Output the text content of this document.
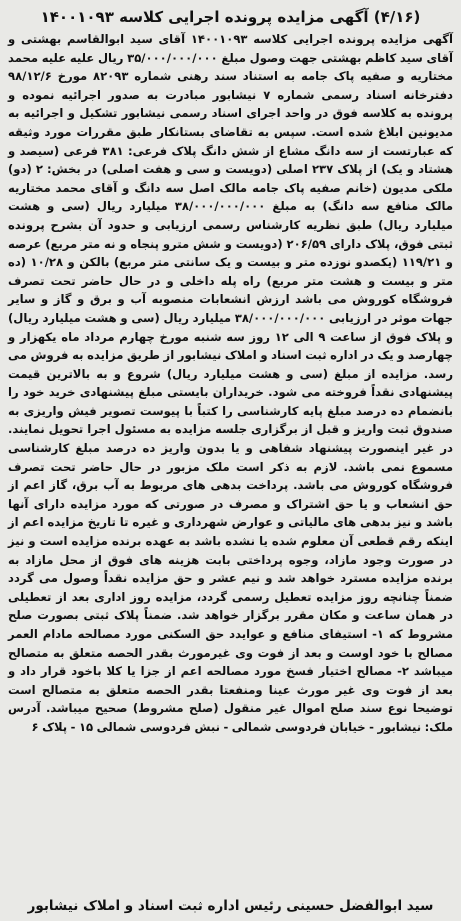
(۴/۱۶) آگهی مزایده پرونده اجرایی کلاسه ۱۴۰۰۱۰۹۳

آگهی مزایده پرونده اجرایی کلاسه ۱۴۰۰۱۰۹۳ آقای سید ابوالقاسم بهشتی و آقای سید کاظم بهشتی جهت وصول مبلغ ۳۵/۰۰۰/۰۰۰/۰۰۰ ریال علیه علیه محمد مختاریه و صفیه پاک جامه به استناد سند رهنی شماره ۸۲۰۹۳ مورخ ۹۸/۱۲/۶ دفترخانه اسناد رسمی شماره ۷ نیشابور مبادرت به صدور اجرائیه نموده و پرونده به کلاسه فوق در واحد اجرای اسناد رسمی نیشابور تشکیل و اجرائیه به مدیونین ابلاغ شده است. سپس به تقاضای بستانکار طبق مقررات مورد وثیقه که عبارتست از سه دانگ مشاع از شش دانگ پلاک فرعی: ۳۸۱ فرعی (سیصد و هشتاد و یک) از پلاک ۲۳۷ اصلی (دویست و سی و هفت اصلی) در بخش: ۲ (دو) ملکی مدیون (خانم صفیه پاک جامه مالک اصل سه دانگ و آقای محمد مختاریه مالک منافع سه دانگ) به مبلغ ۳۸/۰۰۰/۰۰۰/۰۰۰ میلیارد ریال (سی و هشت میلیارد ریال) طبق نظریه کارشناس رسمی ارزیابی و حدود آن بشرح پرونده ثبتی فوق، پلاک دارای ۲۰۶/۵۹ (دویست و شش مترو پنجاه و نه متر مربع) عرصه و ۱۱۹/۲۱ (یکصدو نوزده متر و بیست و یک سانتی متر مربع) بالکن و ۱۰/۲۸ (ده متر و بیست و هشت متر مربع) راه پله داخلی و در حال حاضر تحت تصرف فروشگاه کوروش می باشد ارزش انشعابات منصوبه آب و برق و گاز و سایر جهات موثر در ارزیابی ۳۸/۰۰۰/۰۰۰/۰۰۰ میلیارد ریال (سی و هشت میلیارد ریال) و پلاک فوق از ساعت ۹ الی ۱۲ روز سه شنبه مورخ چهارم مرداد ماه یکهزار و چهارصد و یک در اداره ثبت اسناد و املاک نیشابور از طریق مزایده به فروش می رسد. مزایده از مبلغ (سی و هشت میلیارد ریال) شروع و به بالاترین قیمت پیشنهادی نقداً فروخته می شود. خریداران بایستی مبلغ پیشنهادی خرید خود را بانضمام ده درصد مبلغ پایه کارشناسی را کتباً با پیوست تصویر فیش واریزی به صندوق ثبت واریز و قبل از برگزاری جلسه مزایده به مسئول اجرا تحویل نمایند. در غیر اینصورت پیشنهاد شفاهی و یا بدون واریز ده درصد مبلغ کارشناسی مسموع نمی باشد. لازم به ذکر است ملک مزبور در حال حاضر تحت تصرف فروشگاه کوروش می باشد. پرداخت بدهی های مربوط به آب برق، گاز اعم از حق انشعاب و یا حق اشتراک و مصرف در صورتی که مورد مزایده دارای آنها باشد و نیز بدهی های مالیاتی و عوارض شهرداری و غیره تا تاریخ مزایده اعم از اینکه رقم قطعی آن معلوم شده یا نشده باشد به عهده برنده مزایده است و نیز در صورت وجود مازاد، وجوه پرداختی بابت هزینه های فوق از محل مازاد به برنده مزایده مسترد خواهد شد و نیم عشر و حق مزایده نقداً وصول می گردد ضمناً چنانچه روز مزایده تعطیل رسمی گردد، مزایده روز اداری بعد از تعطیلی در همان ساعت و مکان مقرر برگزار خواهد شد. ضمناً پلاک ثبتی بصورت صلح مشروط که ۱- استیفای منافع و عوایدد حق السکنی مورد مصالحه مادام العمر مصالح با خود اوست و بعد از فوت وی غیرمورث بقدر الحصه متعلق به متصالح میباشد ۲- مصالح اختیار فسخ مورد مصالحه اعم از جزا یا کلا باخود قرار داد و بعد از فوت وی غیر مورث عینا ومنفعتا بقدر الحصه متعلق به متصالح است توضیحا نوع سند صلح اموال غیر منقول (صلح مشروط) صحیح میباشد. آدرس ملک: نیشابور - خیابان فردوسی شمالی - نبش فردوسی شمالی ۱۵ - پلاک ۶

سید ابوالفضل حسینی رئیس اداره ثبت اسناد و املاک نیشابور
